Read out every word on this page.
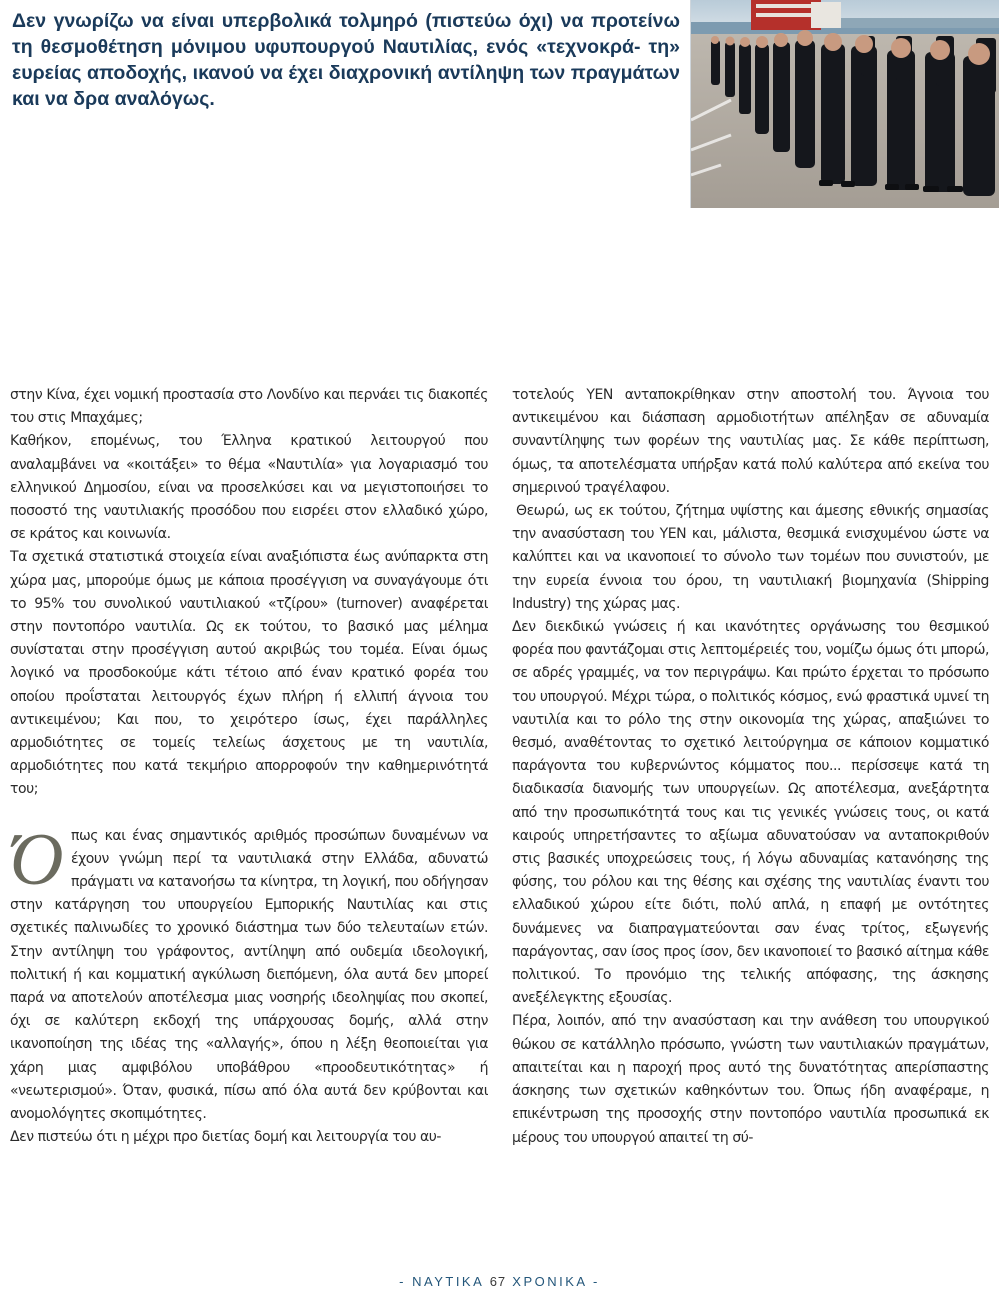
Δεν γνωρίζω να είναι υπερβολικά τολμηρό (πιστεύω όχι) να προτείνω τη θεσμοθέτηση μόνιμου υφυπουργού Ναυτιλίας, ενός «τεχνοκρά- τη» ευρείας αποδοχής, ικανού να έχει διαχρονική αντίληψη των πραγμάτων και να δρα αναλόγως.

στην Κίνα, έχει νομική προστασία στο Λονδίνο και περνάει τις διακοπές του στις Μπαχάμες;

Καθήκον, επομένως, του Έλληνα κρατικού λειτουργού που αναλαμβάνει να «κοιτάξει» το θέμα «Ναυτιλία» για λογαριασμό του ελληνικού Δημοσίου, είναι να προσελκύσει και να μεγιστοποιήσει το ποσοστό της ναυτιλιακής προσόδου που εισρέει στον ελλαδικό χώρο, σε κράτος και κοινωνία.

Τα σχετικά στατιστικά στοιχεία είναι αναξιόπιστα έως ανύπαρκτα στη χώρα μας, μπορούμε όμως με κάποια προσέγγιση να συναγάγουμε ότι το 95% του συνολικού ναυτιλιακού «τζίρου» (turnover) αναφέρεται στην ποντοπόρο ναυτιλία. Ως εκ τούτου, το βασικό μας μέλημα συνίσταται στην προσέγγιση αυτού ακριβώς του τομέα. Είναι όμως λογικό να προσδοκούμε κάτι τέτοιο από έναν κρατικό φορέα του οποίου προΐσταται λειτουργός έχων πλήρη ή ελλιπή άγνοια του αντικειμένου; Και που, το χειρότερο ίσως, έχει παράλληλες αρμοδιότητες σε τομείς τελείως άσχετους με τη ναυτιλία, αρμοδιότητες που κατά τεκμήριο απορροφούν την καθημερινότητά του;

Όπως και ένας σημαντικός αριθμός προσώπων δυναμένων να έχουν γνώμη περί τα ναυτιλιακά στην Ελλάδα, αδυνατώ πράγματι να κατανοήσω τα κίνητρα, τη λογική, που οδήγησαν στην κατάργηση του υπουργείου Εμπορικής Ναυτιλίας και στις σχετικές παλινωδίες το χρονικό διάστημα των δύο τελευταίων ετών. Στην αντίληψη του γράφοντος, αντίληψη από ουδεμία ιδεολογική, πολιτική ή και κομματική αγκύλωση διεπόμενη, όλα αυτά δεν μπορεί παρά να αποτελούν αποτέλεσμα μιας νοσηρής ιδεοληψίας που σκοπεί, όχι σε καλύτερη εκδοχή της υπάρχουσας δομής, αλλά στην ικανοποίηση της ιδέας της «αλλαγής», όπου η λέξη θεοποιείται για χάρη μιας αμφιβόλου υποβάθρου «προοδευτικότητας» ή «νεωτερισμού». Όταν, φυσικά, πίσω από όλα αυτά δεν κρύβονται και ανομολόγητες σκοπιμότητες.

Δεν πιστεύω ότι η μέχρι προ διετίας δομή και λειτουργία του αυ-

τοτελούς ΥΕΝ ανταποκρίθηκαν στην αποστολή του. Άγνοια του αντικειμένου και διάσπαση αρμοδιοτήτων απέληξαν σε αδυναμία συναντίληψης των φορέων της ναυτιλίας μας. Σε κάθε περίπτωση, όμως, τα αποτελέσματα υπήρξαν κατά πολύ καλύτερα από εκείνα του σημερινού τραγέλαφου.

Θεωρώ, ως εκ τούτου, ζήτημα υψίστης και άμεσης εθνικής σημασίας την ανασύσταση του ΥΕΝ και, μάλιστα, θεσμικά ενισχυμένου ώστε να καλύπτει και να ικανοποιεί το σύνολο των τομέων που συνιστούν, με την ευρεία έννοια του όρου, τη ναυτιλιακή βιομηχανία (Shipping Industry) της χώρας μας.

Δεν διεκδικώ γνώσεις ή και ικανότητες οργάνωσης του θεσμικού φορέα που φαντάζομαι στις λεπτομέρειές του, νομίζω όμως ότι μπορώ, σε αδρές γραμμές, να τον περιγράψω. Και πρώτο έρχεται το πρόσωπο του υπουργού. Μέχρι τώρα, ο πολιτικός κόσμος, ενώ φραστικά υμνεί τη ναυτιλία και το ρόλο της στην οικονομία της χώρας, απαξιώνει το θεσμό, αναθέτοντας το σχετικό λειτούργημα σε κάποιον κομματικό παράγοντα του κυβερνώντος κόμματος που... περίσσεψε κατά τη διαδικασία διανομής των υπουργείων. Ως αποτέλεσμα, ανεξάρτητα από την προσωπικότητά τους και τις γενικές γνώσεις τους, οι κατά καιρούς υπηρετήσαντες το αξίωμα αδυνατούσαν να ανταποκριθούν στις βασικές υποχρεώσεις τους, ή λόγω αδυναμίας κατανόησης της φύσης, του ρόλου και της θέσης και σχέσης της ναυτιλίας έναντι του ελλαδικού χώρου είτε διότι, πολύ απλά, η επαφή με οντότητες δυνάμενες να διαπραγματεύονται σαν ένας τρίτος, εξωγενής παράγοντας, σαν ίσος προς ίσον, δεν ικανοποιεί το βασικό αίτημα κάθε πολιτικού. Το προνόμιο της τελικής απόφασης, της άσκησης ανεξέλεγκτης εξουσίας.

Πέρα, λοιπόν, από την ανασύσταση και την ανάθεση του υπουργικού θώκου σε κατάλληλο πρόσωπο, γνώστη των ναυτιλιακών πραγμάτων, απαιτείται και η παροχή προς αυτό της δυνατότητας απερίσπαστης άσκησης των σχετικών καθηκόντων του. Όπως ήδη αναφέραμε, η επικέντρωση της προσοχής στην ποντοπόρο ναυτιλία προσωπικά εκ μέρους του υπουργού απαιτεί τη σύ-

- ΝΑΥΤΙΚΑ 67 ΧΡΟΝΙΚΑ -
